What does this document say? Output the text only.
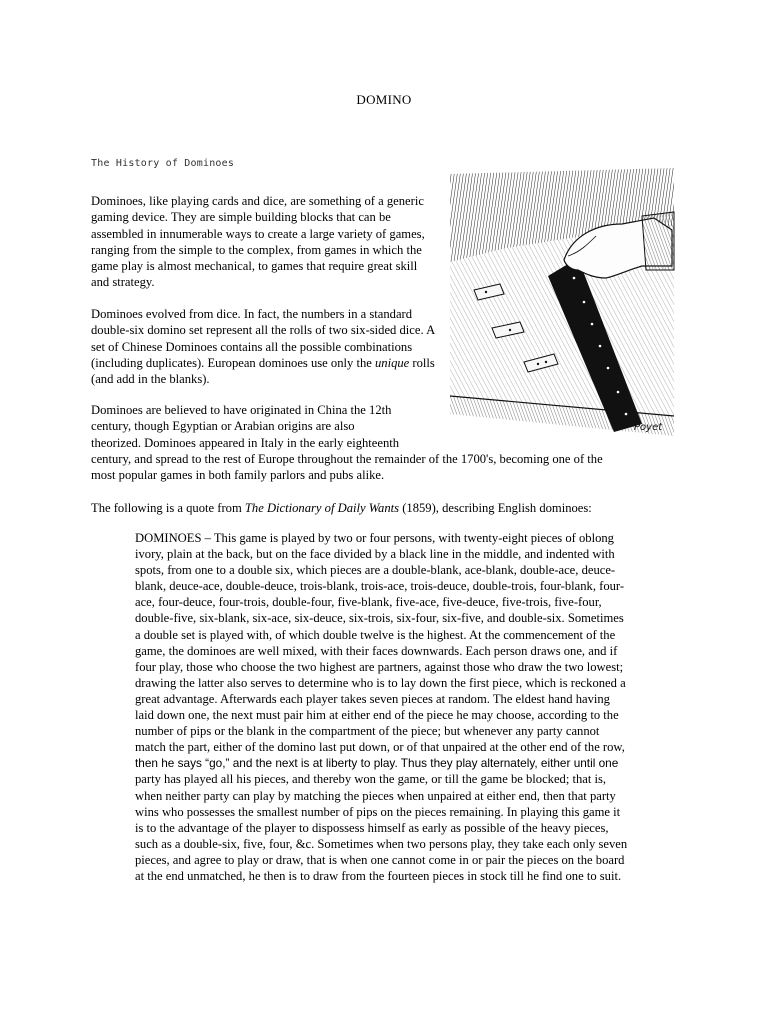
DOMINO
The History of Dominoes

Dominoes, like playing cards and dice, are something of a generic gaming device. They are simple building blocks that can be assembled in innumerable ways to create a large variety of games, ranging from the simple to the complex, from games in which the game play is almost mechanical, to games that require great skill and strategy.

Dominoes evolved from dice. In fact, the numbers in a standard double-six domino set represent all the rolls of two six-sided dice. A set of Chinese Dominoes contains all the possible combinations (including duplicates). European dominoes use only the unique rolls (and add in the blanks).

Dominoes are believed to have originated in China the 12th
century, though Egyptian or Arabian origins are also
theorized. Dominoes appeared in Italy in the early eighteenth
century, and spread to the rest of Europe throughout the remainder of the 1700's, becoming one of the
most popular games in both family parlors and pubs alike.
The following is a quote from The Dictionary of Daily Wants (1859), describing English dominoes:
DOMINOES – This game is played by two or four persons, with twenty-eight pieces of oblong
ivory, plain at the back, but on the face divided by a black line in the middle, and indented with
spots, from one to a double six, which pieces are a double-blank, ace-blank, double-ace, deuce-
blank, deuce-ace, double-deuce, trois-blank, trois-ace, trois-deuce, double-trois, four-blank, four-
ace, four-deuce, four-trois, double-four, five-blank, five-ace, five-deuce, five-trois, five-four,
double-five, six-blank, six-ace, six-deuce, six-trois, six-four, six-five, and double-six. Sometimes
a double set is played with, of which double twelve is the highest. At the commencement of the
game, the dominoes are well mixed, with their faces downwards. Each person draws one, and if
four play, those who choose the two highest are partners, against those who draw the two lowest;
drawing the latter also serves to determine who is to lay down the first piece, which is reckoned a
great advantage. Afterwards each player takes seven pieces at random. The eldest hand having
laid down one, the next must pair him at either end of the piece he may choose, according to the
number of pips or the blank in the compartment of the piece; but whenever any party cannot
match the part, either of the domino last put down, or of that unpaired at the other end of the row,
then he says “go,” and the next is at liberty to play. Thus they play alternately, either until one
party has played all his pieces, and thereby won the game, or till the game be blocked; that is,
when neither party can play by matching the pieces when unpaired at either end, then that party
wins who possesses the smallest number of pips on the pieces remaining. In playing this game it
is to the advantage of the player to dispossess himself as early as possible of the heavy pieces,
such as a double-six, five, four, &c. Sometimes when two persons play, they take each only seven
pieces, and agree to play or draw, that is when one cannot come in or pair the pieces on the board
at the end unmatched, he then is to draw from the fourteen pieces in stock till he find one to suit.
Poyet
